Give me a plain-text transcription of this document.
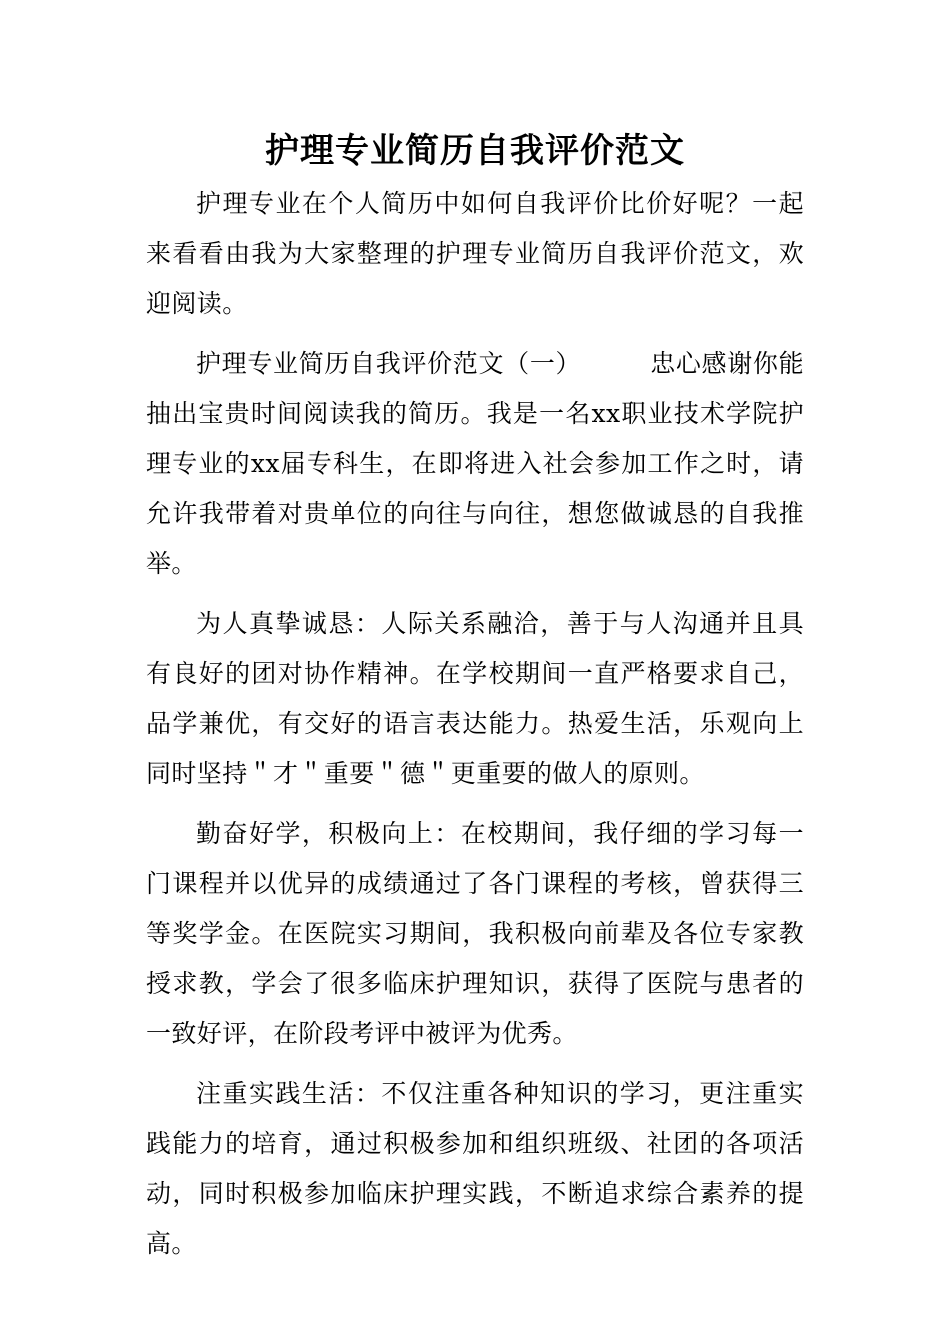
护理专业简历自我评价范文

护理专业在个人简历中如何自我评价比价好呢？一起来看看由我为大家整理的护理专业简历自我评价范文，欢迎阅读。

护理专业简历自我评价范文（一）        忠心感谢你能抽出宝贵时间阅读我的简历。我是一名xx职业技术学院护理专业的xx届专科生，在即将进入社会参加工作之时，请允许我带着对贵单位的向往与向往，想您做诚恳的自我推举。

为人真挚诚恳：人际关系融洽，善于与人沟通并且具有良好的团对协作精神。在学校期间一直严格要求自己，品学兼优，有交好的语言表达能力。热爱生活，乐观向上同时坚持＂才＂重要＂德＂更重要的做人的原则。

勤奋好学，积极向上：在校期间，我仔细的学习每一门课程并以优异的成绩通过了各门课程的考核，曾获得三等奖学金。在医院实习期间，我积极向前辈及各位专家教授求教，学会了很多临床护理知识，获得了医院与患者的一致好评，在阶段考评中被评为优秀。

注重实践生活：不仅注重各种知识的学习，更注重实践能力的培育，通过积极参加和组织班级、社团的各项活动，同时积极参加临床护理实践，不断追求综合素养的提高。
